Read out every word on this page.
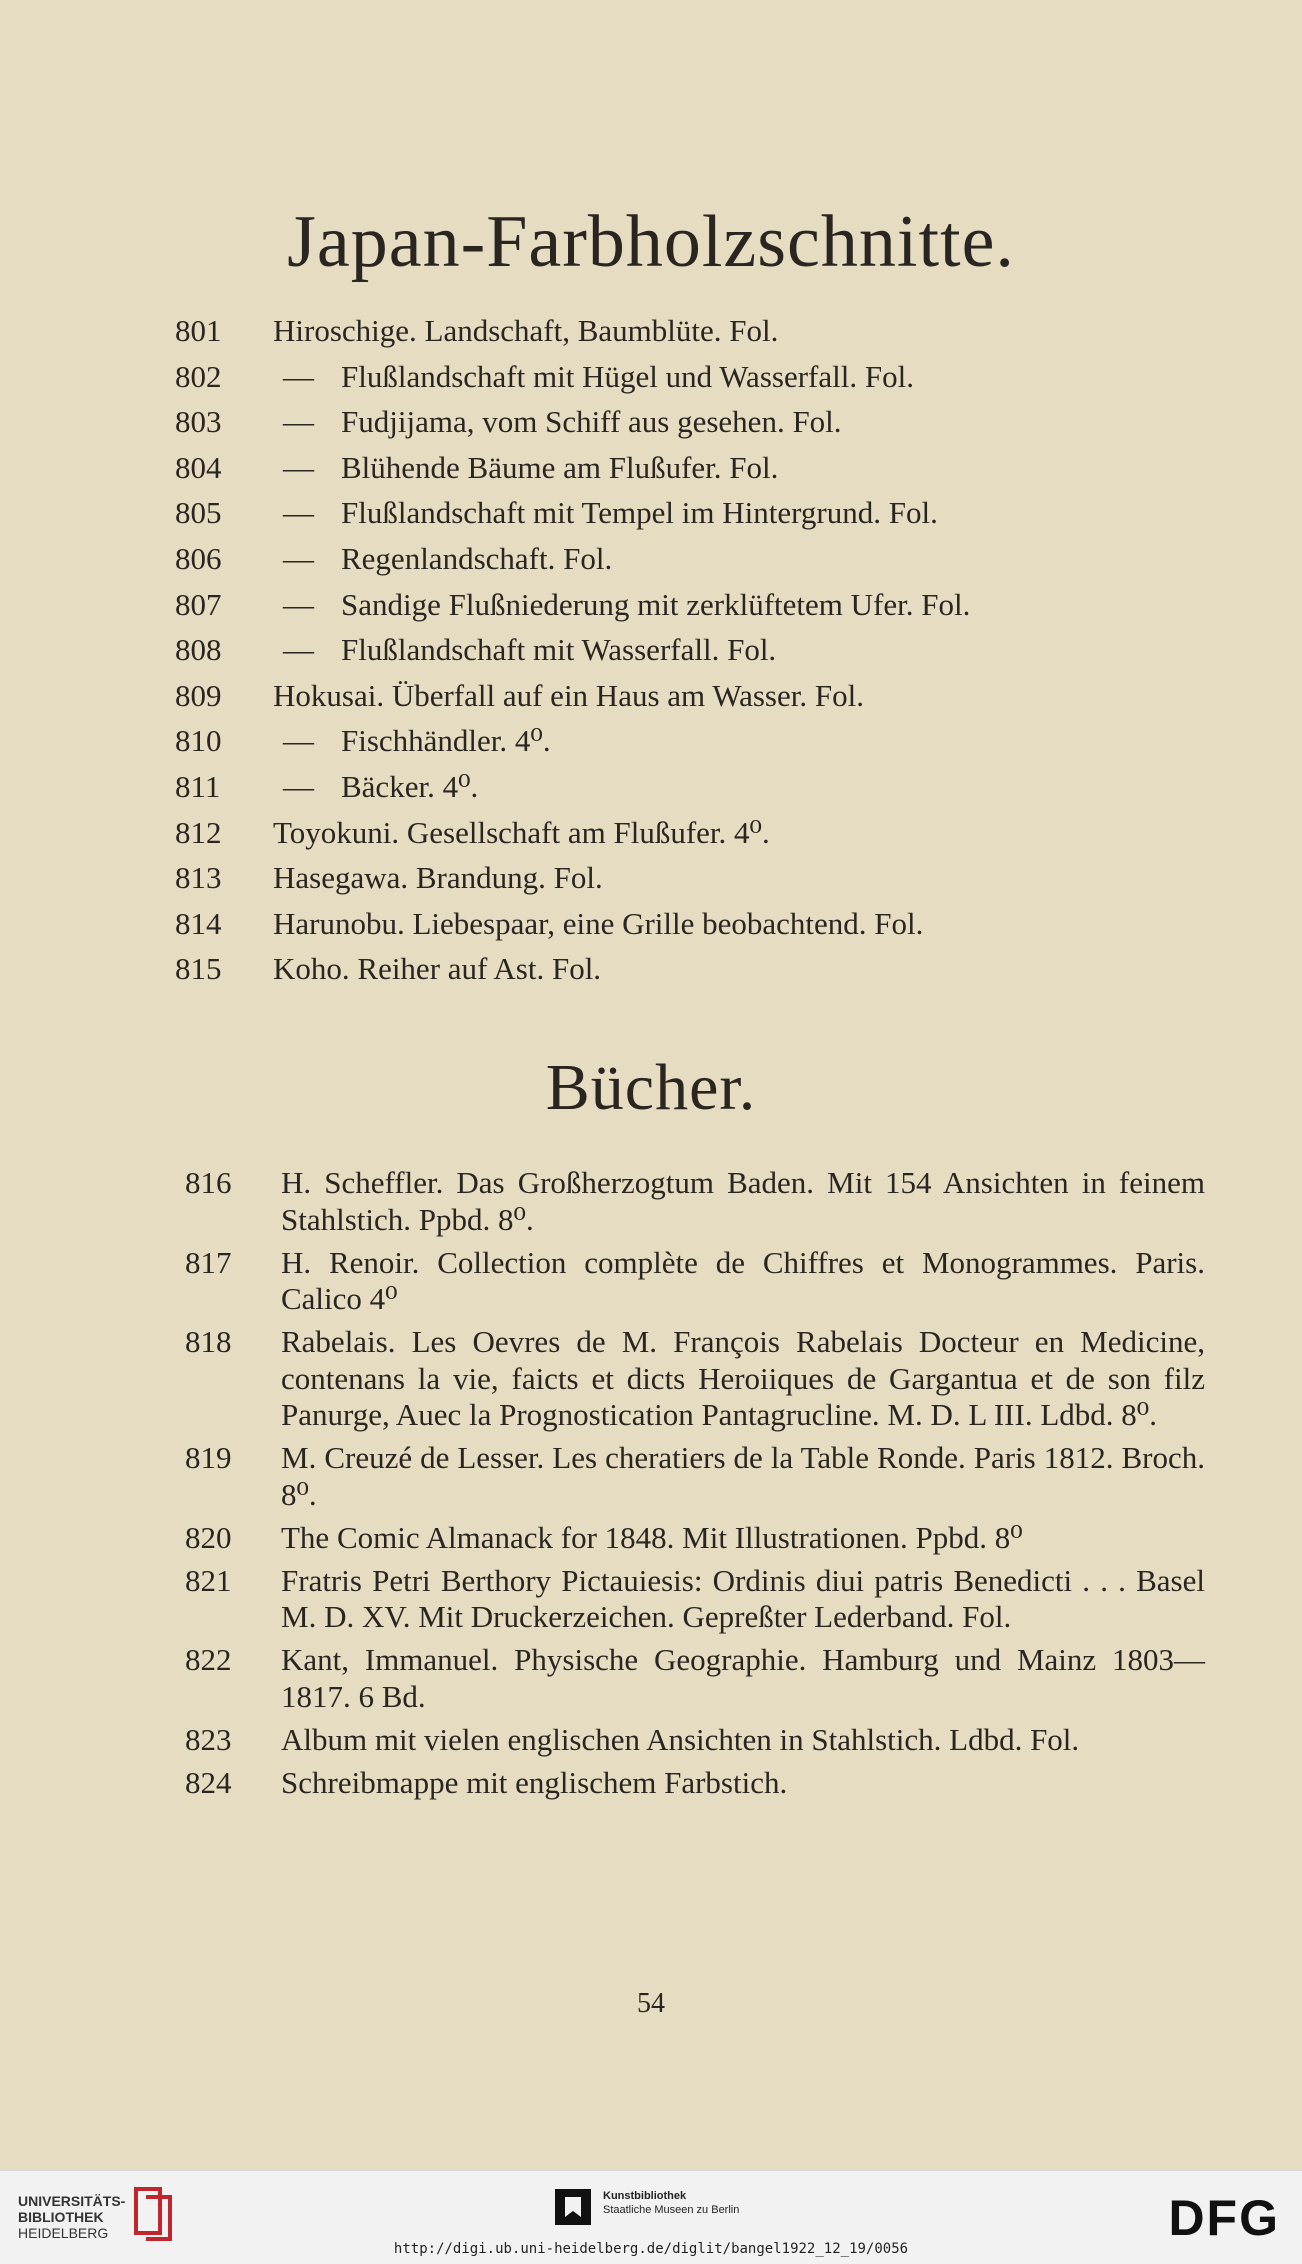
Japan-Farbholzschnitte.
801	Hiroschige. Landschaft, Baumblüte. Fol.
802	— Flußlandschaft mit Hügel und Wasserfall. Fol.
803	— Fudjijama, vom Schiff aus gesehen. Fol.
804	— Blühende Bäume am Flußufer. Fol.
805	— Flußlandschaft mit Tempel im Hintergrund. Fol.
806	— Regenlandschaft. Fol.
807	— Sandige Flußniederung mit zerklüftetem Ufer. Fol.
808	— Flußlandschaft mit Wasserfall. Fol.
809	Hokusai. Überfall auf ein Haus am Wasser. Fol.
810	— Fischhändler. 4⁰.
811	— Bäcker. 4⁰.
812	Toyokuni. Gesellschaft am Flußufer. 4⁰.
813	Hasegawa. Brandung. Fol.
814	Harunobu. Liebespaar, eine Grille beobachtend. Fol.
815	Koho. Reiher auf Ast. Fol.
Bücher.
816	H. Scheffler. Das Großherzogtum Baden. Mit 154 Ansichten in feinem Stahlstich. Ppbd. 8⁰.
817	H. Renoir. Collection complète de Chiffres et Monogrammes. Paris. Calico 4⁰
818	Rabelais. Les Oevres de M. François Rabelais Docteur en Medicine, contenans la vie, faicts et dicts Heroiiques de Gargantua et de son filz Panurge, Auec la Prognostication Pantagrucline. M. D. L III. Ldbd. 8⁰.
819	M. Creuzé de Lesser. Les cheratiers de la Table Ronde. Paris 1812. Broch. 8⁰.
820	The Comic Almanack for 1848. Mit Illustrationen. Ppbd. 8⁰
821	Fratris Petri Berthory Pictauiesis: Ordinis diui patris Benedicti . . . Basel M. D. XV. Mit Druckerzeichen. Gepreßter Lederband. Fol.
822	Kant, Immanuel. Physische Geographie. Hamburg und Mainz 1803—1817. 6 Bd.
823	Album mit vielen englischen Ansichten in Stahlstich. Ldbd. Fol.
824	Schreibmappe mit englischem Farbstich.
54
UNIVERSITÄTS-
BIBLIOTHEK
HEIDELBERG
Kunstbibliothek
Staatliche Museen zu Berlin	DFG
http://digi.ub.uni-heidelberg.de/diglit/bangel1922_12_19/0056
